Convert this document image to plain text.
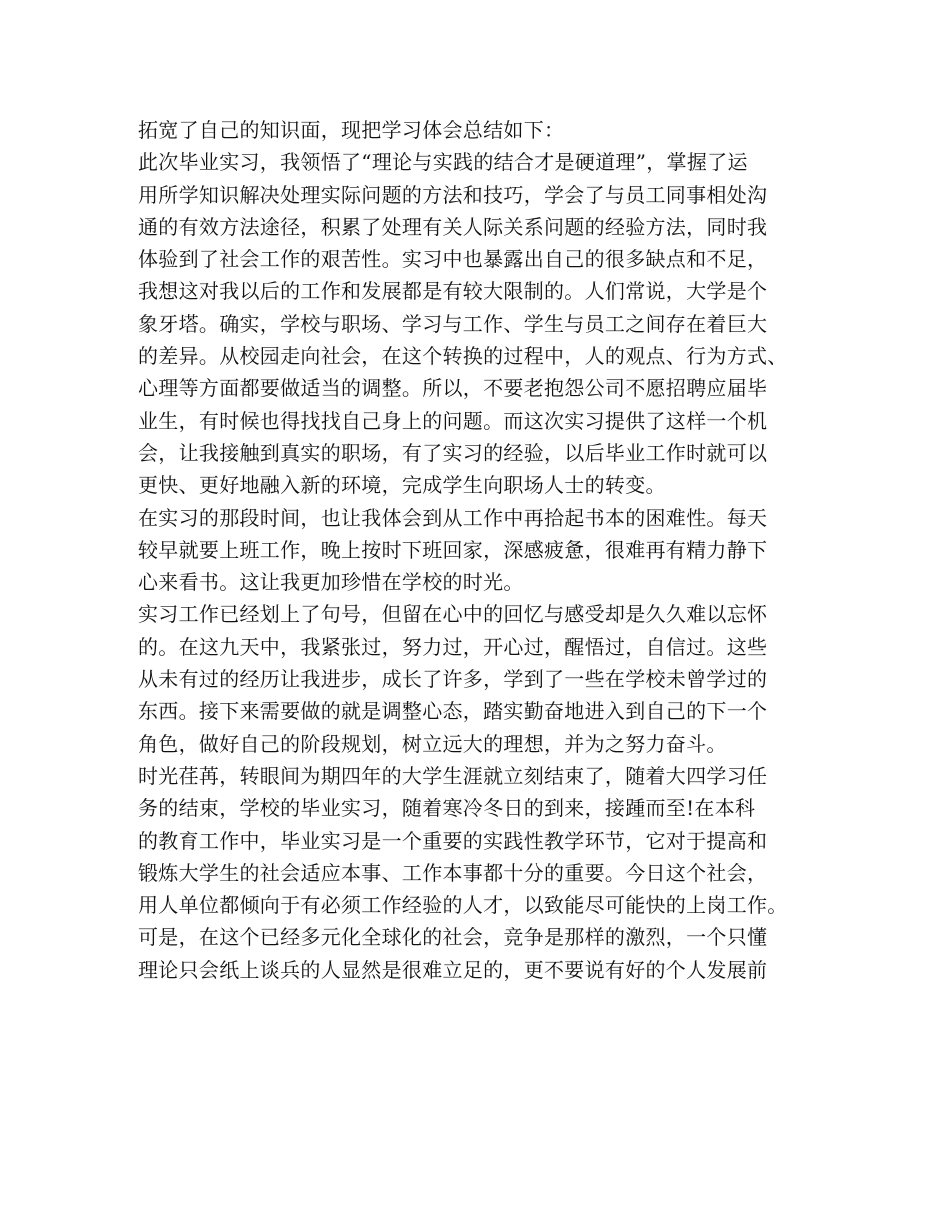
拓宽了自己的知识面，现把学习体会总结如下：
此次毕业实习，我领悟了“理论与实践的结合才是硬道理”，掌握了运
用所学知识解决处理实际问题的方法和技巧，学会了与员工同事相处沟
通的有效方法途径，积累了处理有关人际关系问题的经验方法，同时我
体验到了社会工作的艰苦性。实习中也暴露出自己的很多缺点和不足，
我想这对我以后的工作和发展都是有较大限制的。人们常说，大学是个
象牙塔。确实，学校与职场、学习与工作、学生与员工之间存在着巨大
的差异。从校园走向社会，在这个转换的过程中，人的观点、行为方式、
心理等方面都要做适当的调整。所以，不要老抱怨公司不愿招聘应届毕
业生，有时候也得找找自己身上的问题。而这次实习提供了这样一个机
会，让我接触到真实的职场，有了实习的经验，以后毕业工作时就可以
更快、更好地融入新的环境，完成学生向职场人士的转变。
在实习的那段时间，也让我体会到从工作中再拾起书本的困难性。每天
较早就要上班工作，晚上按时下班回家，深感疲惫，很难再有精力静下
心来看书。这让我更加珍惜在学校的时光。
实习工作已经划上了句号，但留在心中的回忆与感受却是久久难以忘怀
的。在这九天中，我紧张过，努力过，开心过，醒悟过，自信过。这些
从未有过的经历让我进步，成长了许多，学到了一些在学校未曾学过的
东西。接下来需要做的就是调整心态，踏实勤奋地进入到自己的下一个
角色，做好自己的阶段规划，树立远大的理想，并为之努力奋斗。
时光荏苒，转眼间为期四年的大学生涯就立刻结束了，随着大四学习任
务的结束，学校的毕业实习，随着寒冷冬日的到来，接踵而至!在本科
的教育工作中，毕业实习是一个重要的实践性教学环节，它对于提高和
锻炼大学生的社会适应本事、工作本事都十分的重要。今日这个社会，
用人单位都倾向于有必须工作经验的人才，以致能尽可能快的上岗工作。
可是，在这个已经多元化全球化的社会，竞争是那样的激烈，一个只懂
理论只会纸上谈兵的人显然是很难立足的，更不要说有好的个人发展前
